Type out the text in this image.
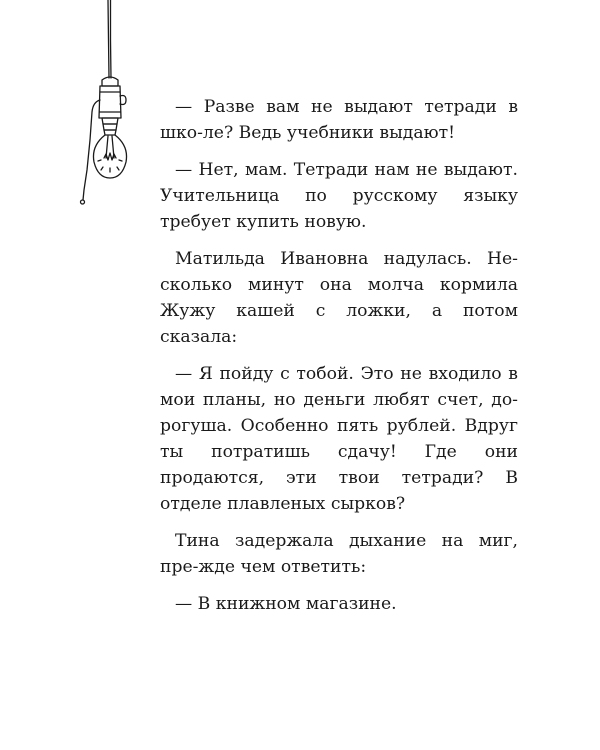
— Разве вам не выдают тетради в шко-ле? Ведь учебники выдают!

— Нет, мам. Тетради нам не выдают. Учительница по русскому языку требует купить новую.

Матильда Ивановна надулась. Не-сколько минут она молча кормила Жужу кашей с ложки, а потом сказала:

— Я пойду с тобой. Это не входило в мои планы, но деньги любят счет, до-рогуша. Особенно пять рублей. Вдруг ты потратишь сдачу! Где они продаются, эти твои тетради? В отделе плавленых сырков?

Тина задержала дыхание на миг, пре-жде чем ответить:

— В книжном магазине.
